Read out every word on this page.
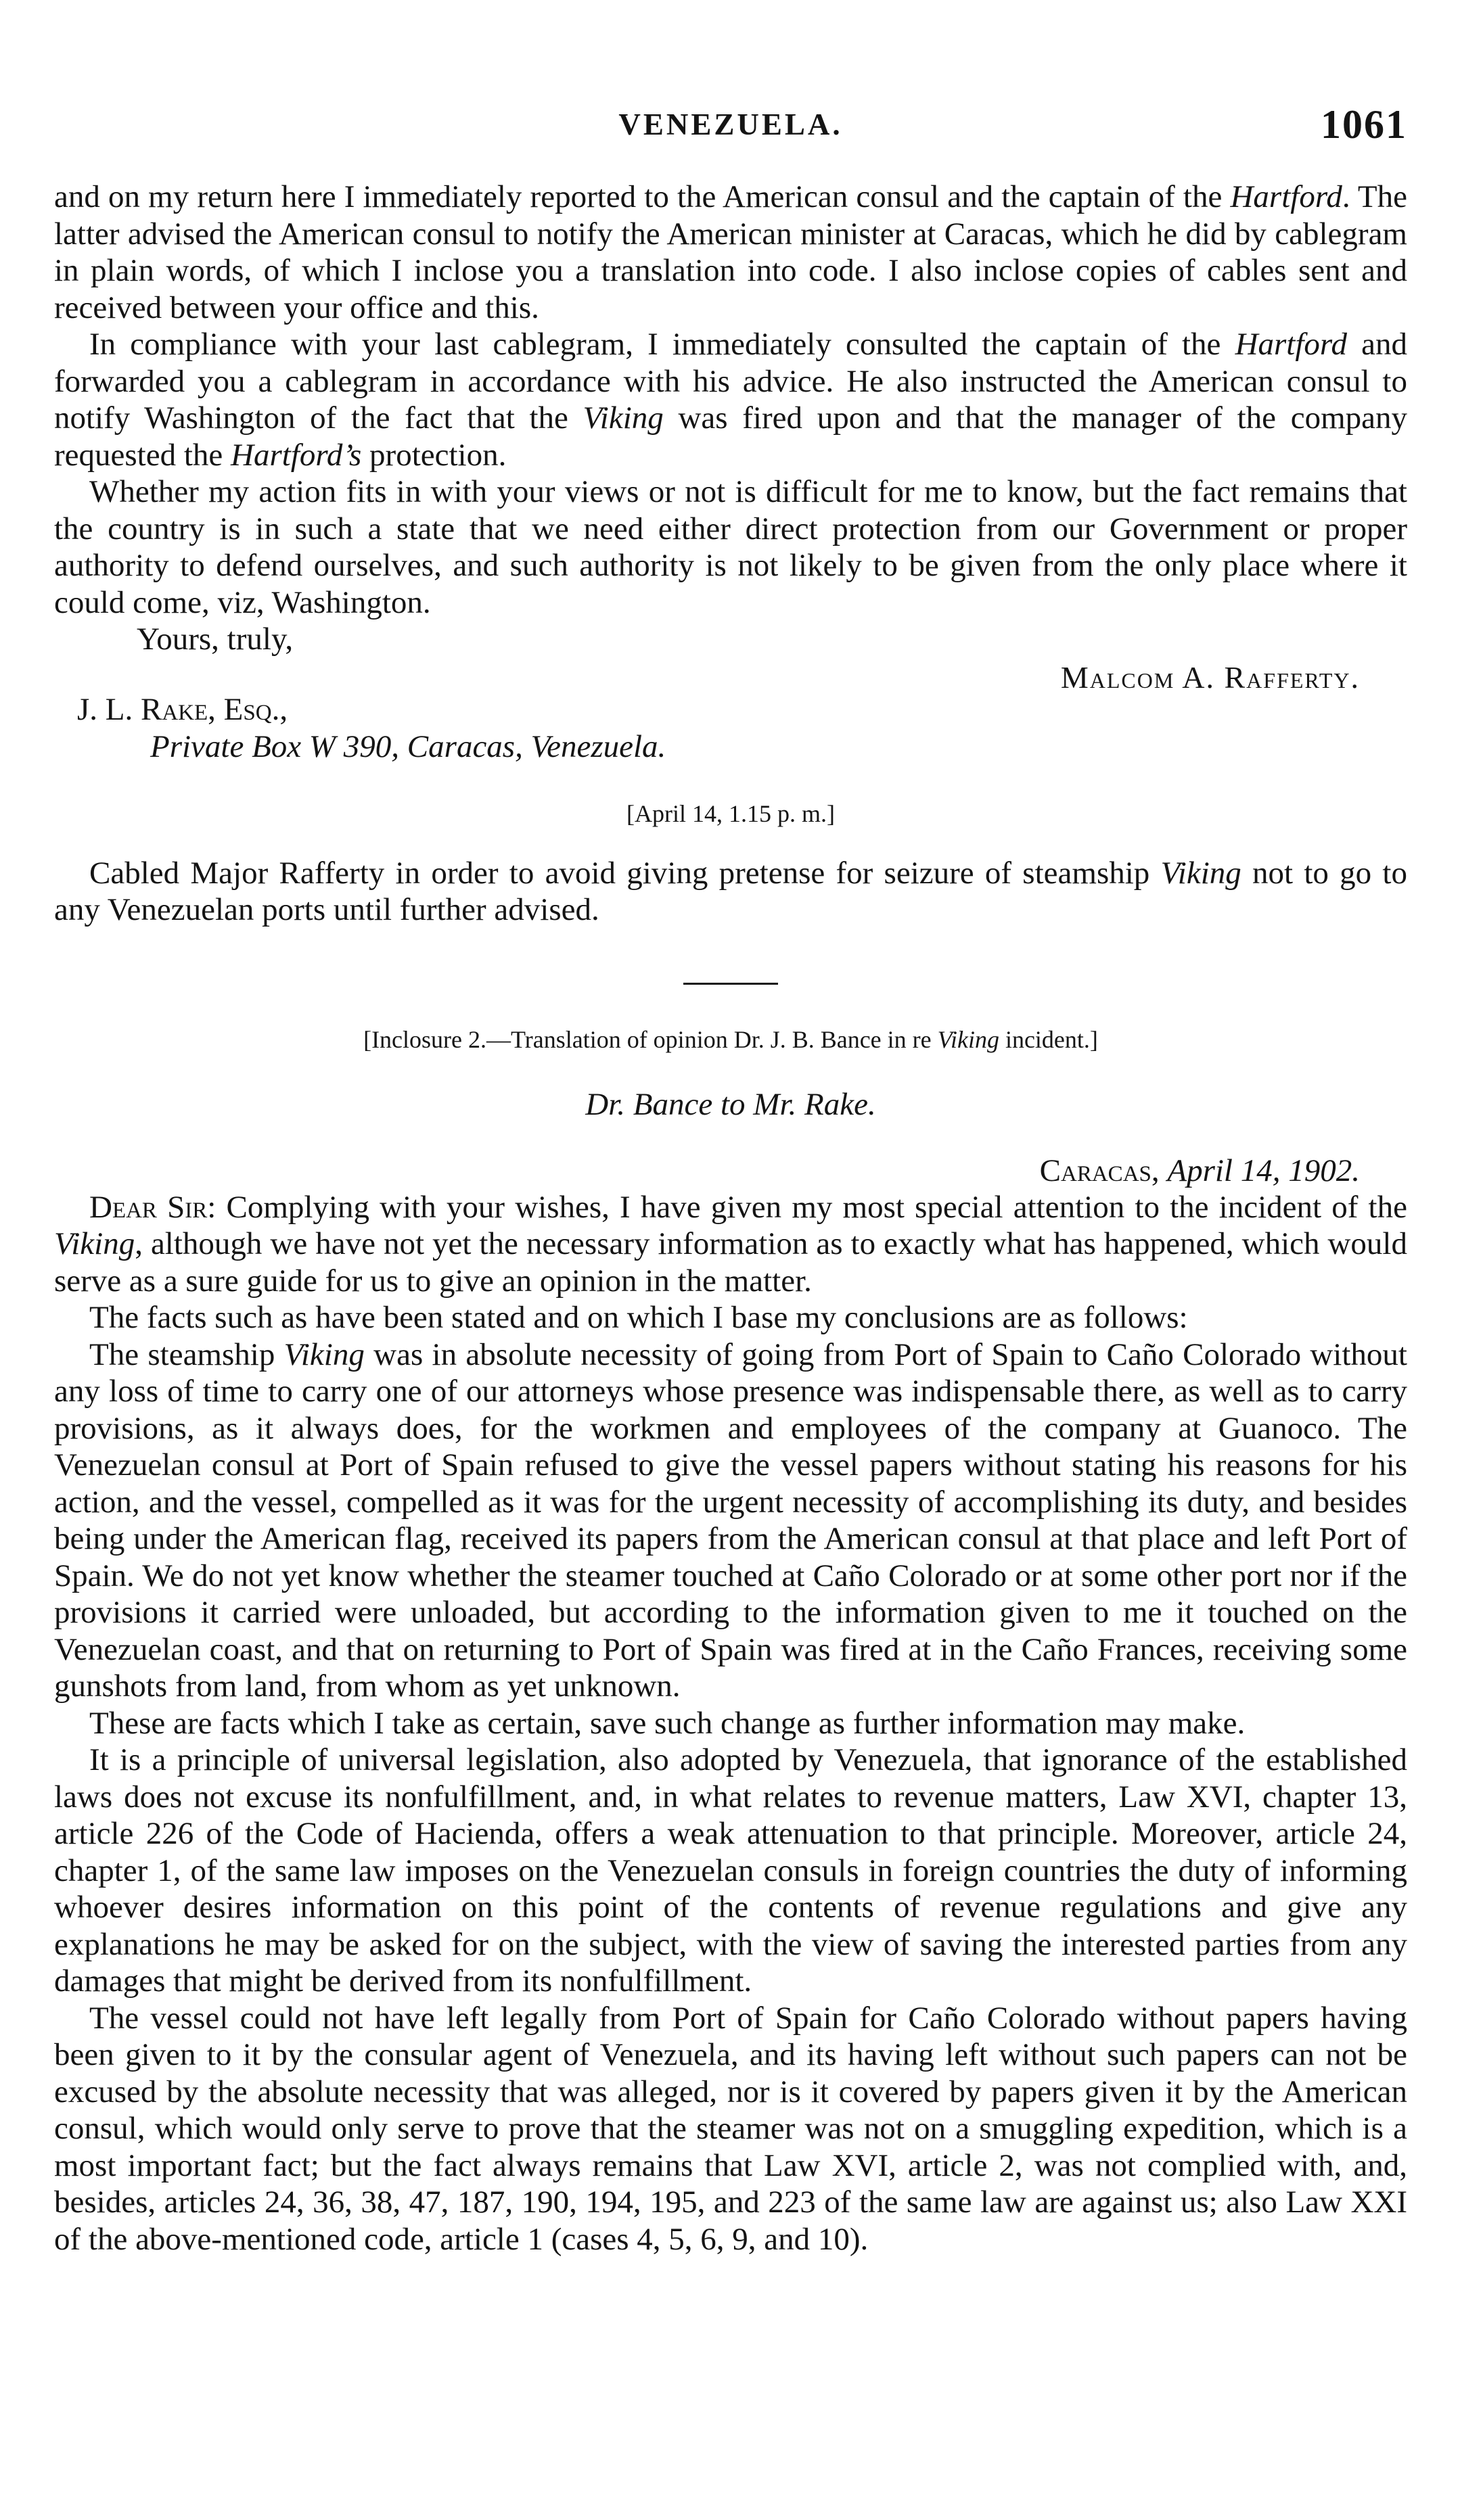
VENEZUELA.	1061

and on my return here I immediately reported to the American consul and the captain of the Hartford. The latter advised the American consul to notify the American minister at Caracas, which he did by cablegram in plain words, of which I inclose you a translation into code. I also inclose copies of cables sent and received between your office and this.

In compliance with your last cablegram, I immediately consulted the captain of the Hartford and forwarded you a cablegram in accordance with his advice. He also instructed the American consul to notify Washington of the fact that the Viking was fired upon and that the manager of the company requested the Hartford’s protection.

Whether my action fits in with your views or not is difficult for me to know, but the fact remains that the country is in such a state that we need either direct protection from our Government or proper authority to defend ourselves, and such authority is not likely to be given from the only place where it could come, viz, Washington.

Yours, truly,

Malcom A. Rafferty.
J. L. Rake, Esq.,
Private Box W 390, Caracas, Venezuela.
[April 14, 1.15 p. m.]

Cabled Major Rafferty in order to avoid giving pretense for seizure of steamship Viking not to go to any Venezuelan ports until further advised.

[Inclosure 2.—Translation of opinion Dr. J. B. Bance in re Viking incident.]
Dr. Bance to Mr. Rake.
Caracas, April 14, 1902.

Dear Sir: Complying with your wishes, I have given my most special attention to the incident of the Viking, although we have not yet the necessary information as to exactly what has happened, which would serve as a sure guide for us to give an opinion in the matter.

The facts such as have been stated and on which I base my conclusions are as follows:

The steamship Viking was in absolute necessity of going from Port of Spain to Caño Colorado without any loss of time to carry one of our attorneys whose presence was indispensable there, as well as to carry provisions, as it always does, for the workmen and employees of the company at Guanoco. The Venezuelan consul at Port of Spain refused to give the vessel papers without stating his reasons for his action, and the vessel, compelled as it was for the urgent necessity of accomplishing its duty, and besides being under the American flag, received its papers from the American consul at that place and left Port of Spain. We do not yet know whether the steamer touched at Caño Colorado or at some other port nor if the provisions it carried were unloaded, but according to the information given to me it touched on the Venezuelan coast, and that on returning to Port of Spain was fired at in the Caño Frances, receiving some gunshots from land, from whom as yet unknown.

These are facts which I take as certain, save such change as further information may make.

It is a principle of universal legislation, also adopted by Venezuela, that ignorance of the established laws does not excuse its nonfulfillment, and, in what relates to revenue matters, Law XVI, chapter 13, article 226 of the Code of Hacienda, offers a weak attenuation to that principle. Moreover, article 24, chapter 1, of the same law imposes on the Venezuelan consuls in foreign countries the duty of informing whoever desires information on this point of the contents of revenue regulations and give any explanations he may be asked for on the subject, with the view of saving the interested parties from any damages that might be derived from its nonfulfillment.

The vessel could not have left legally from Port of Spain for Caño Colorado without papers having been given to it by the consular agent of Venezuela, and its having left without such papers can not be excused by the absolute necessity that was alleged, nor is it covered by papers given it by the American consul, which would only serve to prove that the steamer was not on a smuggling expedition, which is a most important fact; but the fact always remains that Law XVI, article 2, was not complied with, and, besides, articles 24, 36, 38, 47, 187, 190, 194, 195, and 223 of the same law are against us; also Law XXI of the above-mentioned code, article 1 (cases 4, 5, 6, 9, and 10).
